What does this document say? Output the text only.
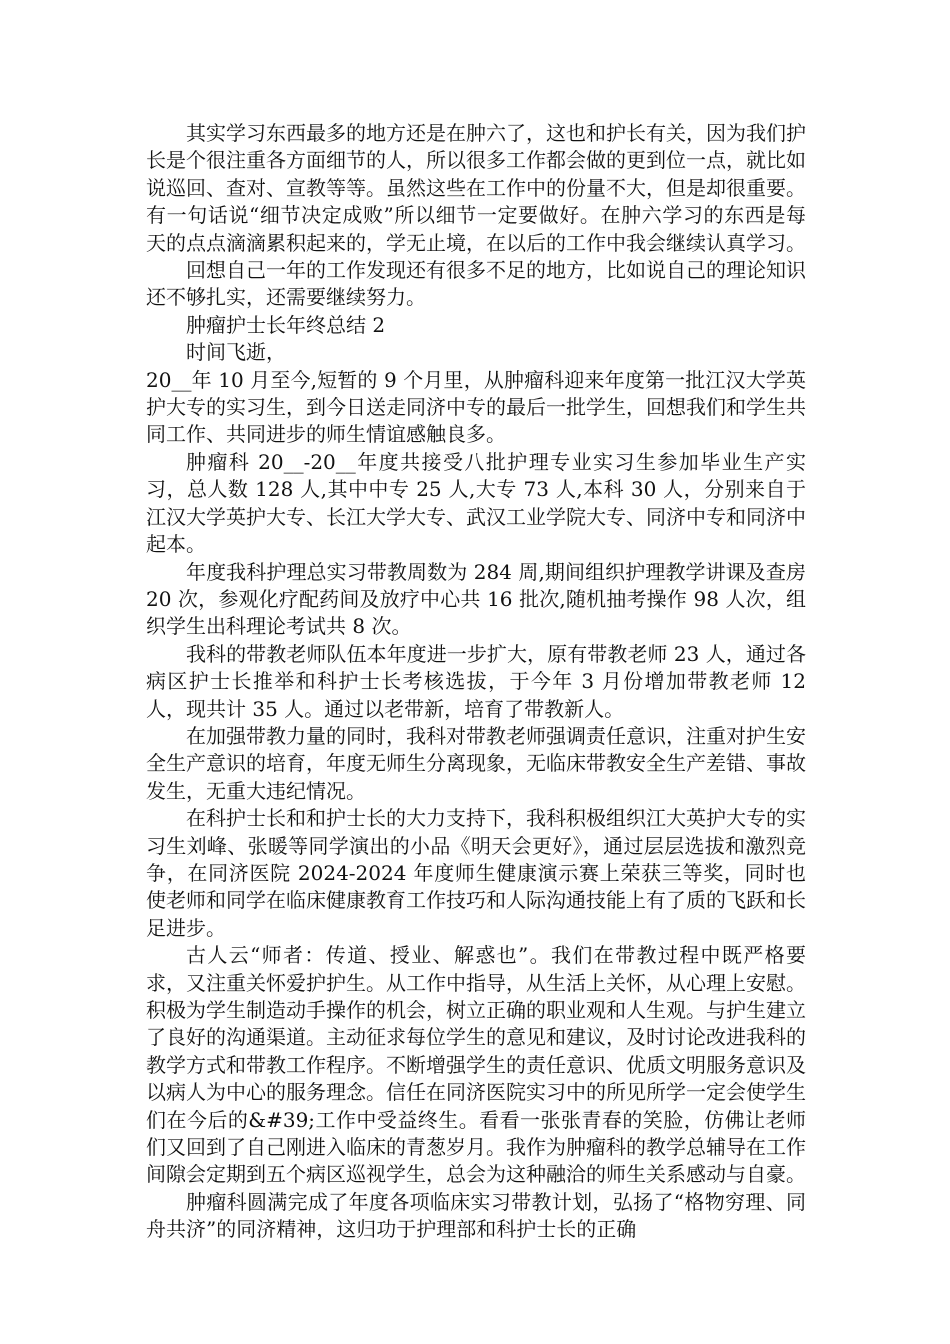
其实学习东西最多的地方还是在肿六了，这也和护长有关，因为我们护长是个很注重各方面细节的人，所以很多工作都会做的更到位一点，就比如说巡回、查对、宣教等等。虽然这些在工作中的份量不大，但是却很重要。有一句话说“细节决定成败”所以细节一定要做好。在肿六学习的东西是每天的点点滴滴累积起来的，学无止境，在以后的工作中我会继续认真学习。

回想自己一年的工作发现还有很多不足的地方，比如说自己的理论知识还不够扎实，还需要继续努力。

肿瘤护士长年终总结 2

时间飞逝，

20__年 10 月至今,短暂的 9 个月里，从肿瘤科迎来年度第一批江汉大学英护大专的实习生，到今日送走同济中专的最后一批学生，回想我们和学生共同工作、共同进步的师生情谊感触良多。

肿瘤科 20__-20__年度共接受八批护理专业实习生参加毕业生产实习，总人数 128 人,其中中专 25 人,大专 73 人,本科 30 人，分别来自于江汉大学英护大专、长江大学大专、武汉工业学院大专、同济中专和同济中起本。

年度我科护理总实习带教周数为 284 周,期间组织护理教学讲课及查房 20 次，参观化疗配药间及放疗中心共 16 批次,随机抽考操作 98 人次，组织学生出科理论考试共 8 次。

我科的带教老师队伍本年度进一步扩大，原有带教老师 23 人，通过各病区护士长推举和科护士长考核选拔，于今年 3 月份增加带教老师 12 人，现共计 35 人。通过以老带新，培育了带教新人。

在加强带教力量的同时，我科对带教老师强调责任意识，注重对护生安全生产意识的培育，年度无师生分离现象，无临床带教安全生产差错、事故发生，无重大违纪情况。

在科护士长和和护士长的大力支持下，我科积极组织江大英护大专的实习生刘峰、张暖等同学演出的小品《明天会更好》，通过层层选拔和激烈竞争，在同济医院 2024-2024 年度师生健康演示赛上荣获三等奖，同时也使老师和同学在临床健康教育工作技巧和人际沟通技能上有了质的飞跃和长足进步。

古人云“师者：传道、授业、解惑也”。我们在带教过程中既严格要求，又注重关怀爱护护生。从工作中指导，从生活上关怀，从心理上安慰。积极为学生制造动手操作的机会，树立正确的职业观和人生观。与护生建立了良好的沟通渠道。主动征求每位学生的意见和建议，及时讨论改进我科的教学方式和带教工作程序。不断增强学生的责任意识、优质文明服务意识及以病人为中心的服务理念。信任在同济医院实习中的所见所学一定会使学生们在今后的&#39;工作中受益终生。看看一张张青春的笑脸，仿佛让老师们又回到了自己刚进入临床的青葱岁月。我作为肿瘤科的教学总辅导在工作间隙会定期到五个病区巡视学生，总会为这种融洽的师生关系感动与自豪。

肿瘤科圆满完成了年度各项临床实习带教计划，弘扬了“格物穷理、同舟共济”的同济精神，这归功于护理部和科护士长的正确
